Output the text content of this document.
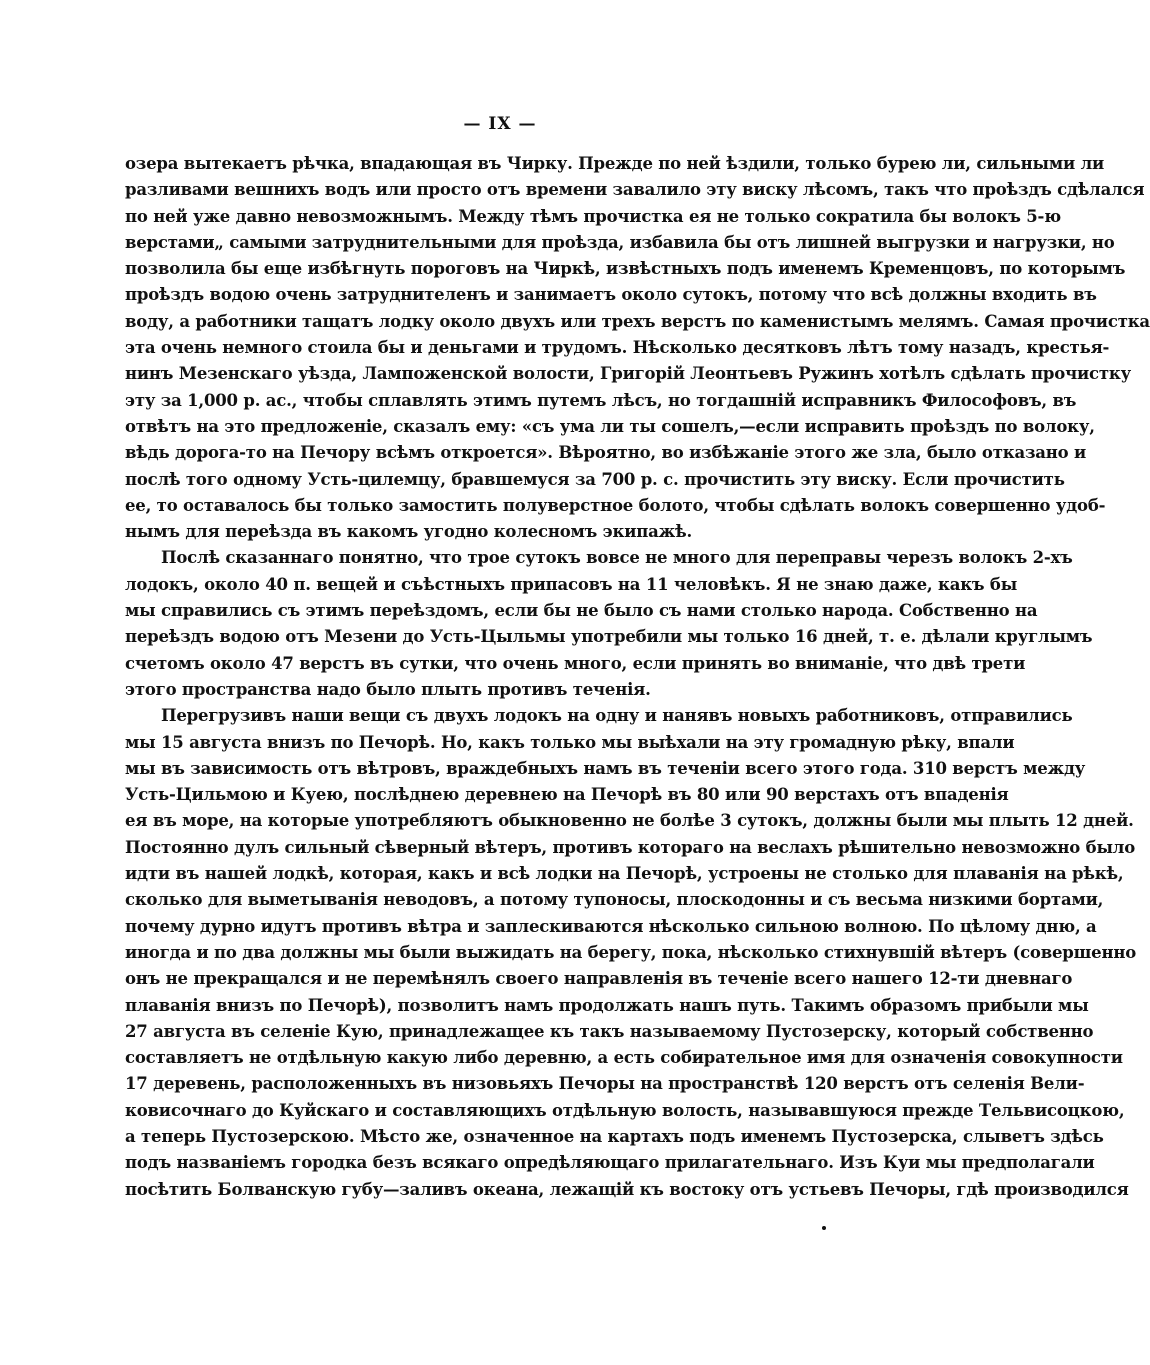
— IX —
озера вытекаетъ рѣчка, впадающая въ Чирку. Прежде по ней ѣздили, только бурею ли, сильными ли
разливами вешнихъ водъ или просто отъ времени завалило эту виску лѣсомъ, такъ что проѣздъ сдѣлался
по ней уже давно невозможнымъ. Между тѣмъ прочистка ея не только сократила бы волокъ 5-ю
верстами„ самыми затруднительными для проѣзда, избавила бы отъ лишней выгрузки и нагрузки, но
позволила бы еще избѣгнуть пороговъ на Чиркѣ, извѣстныхъ подъ именемъ Кременцовъ, по которымъ
проѣздъ водою очень затруднителенъ и занимаетъ около сутокъ, потому что всѣ должны входить въ
воду, а работники тащатъ лодку около двухъ или трехъ верстъ по каменистымъ мелямъ. Самая прочистка
эта очень немного стоила бы и деньгами и трудомъ. Нѣсколько десятковъ лѣтъ тому назадъ, крестья-
нинъ Мезенскаго уѣзда, Лампоженской волости, Григорій Леонтьевъ Ружинъ хотѣлъ сдѣлать прочистку
эту за 1,000 р. ас., чтобы сплавлять этимъ путемъ лѣсъ, но тогдашній исправникъ Философовъ, въ
отвѣтъ на это предложеніе, сказалъ ему: «съ ума ли ты сошелъ,—если исправить проѣздъ по волоку,
вѣдь дорога-то на Печору всѣмъ откроется». Вѣроятно, во избѣжаніе этого же зла, было отказано и
послѣ того одному Усть-цилемцу, бравшемуся за 700 р. с. прочистить эту виску. Если прочистить
ее, то оставалось бы только замостить полуверстное болото, чтобы сдѣлать волокъ совершенно удоб-
нымъ для переѣзда въ какомъ угодно колесномъ экипажѣ.
Послѣ сказаннаго понятно, что трое сутокъ вовсе не много для переправы черезъ волокъ 2-хъ
лодокъ, около 40 п. вещей и съѣстныхъ припасовъ на 11 человѣкъ. Я не знаю даже, какъ бы
мы справились съ этимъ переѣздомъ, если бы не было съ нами столько народа. Собственно на
переѣздъ водою отъ Мезени до Усть-Цыльмы употребили мы только 16 дней, т. е. дѣлали круглымъ
счетомъ около 47 верстъ въ сутки, что очень много, если принять во вниманіе, что двѣ трети
этого пространства надо было плыть противъ теченія.
Перегрузивъ наши вещи съ двухъ лодокъ на одну и нанявъ новыхъ работниковъ, отправились
мы 15 августа внизъ по Печорѣ. Но, какъ только мы выѣхали на эту громадную рѣку, впали
мы въ зависимость отъ вѣтровъ, враждебныхъ намъ въ теченіи всего этого года. 310 верстъ между
Усть-Цильмою и Куею, послѣднею деревнею на Печорѣ въ 80 или 90 верстахъ отъ впаденія
ея въ море, на которые употребляютъ обыкновенно не болѣе 3 сутокъ, должны были мы плыть 12 дней.
Постоянно дулъ сильный сѣверный вѣтеръ, противъ котораго на веслахъ рѣшительно невозможно было
идти въ нашей лодкѣ, которая, какъ и всѣ лодки на Печорѣ, устроены не столько для плаванія на рѣкѣ,
сколько для выметыванія неводовъ, а потому тупоносы, плоскодонны и съ весьма низкими бортами,
почему дурно идутъ противъ вѣтра и заплескиваются нѣсколько сильною волною. По цѣлому дню, а
иногда и по два должны мы были выжидать на берегу, пока, нѣсколько стихнувшій вѣтеръ (совершенно
онъ не прекращался и не перемѣнялъ своего направленія въ теченіе всего нашего 12-ти дневнаго
плаванія внизъ по Печорѣ), позволитъ намъ продолжать нашъ путь. Такимъ образомъ прибыли мы
27 августа въ селеніе Кую, принадлежащее къ такъ называемому Пустозерску, который собственно
составляетъ не отдѣльную какую либо деревню, а есть собирательное имя для означенія совокупности
17 деревень, расположенныхъ въ низовьяхъ Печоры на пространствѣ 120 верстъ отъ селенія Вели-
ковисочнаго до Куйскаго и составляющихъ отдѣльную волость, называвшуюся прежде Тельвисоцкою,
а теперь Пустозерскою. Мѣсто же, означенное на картахъ подъ именемъ Пустозерска, слыветъ здѣсь
подъ названіемъ городка безъ всякаго опредѣляющаго прилагательнаго. Изъ Куи мы предполагали
посѣтить Болванскую губу—заливъ океана, лежащій къ востоку отъ устьевъ Печоры, гдѣ производился
